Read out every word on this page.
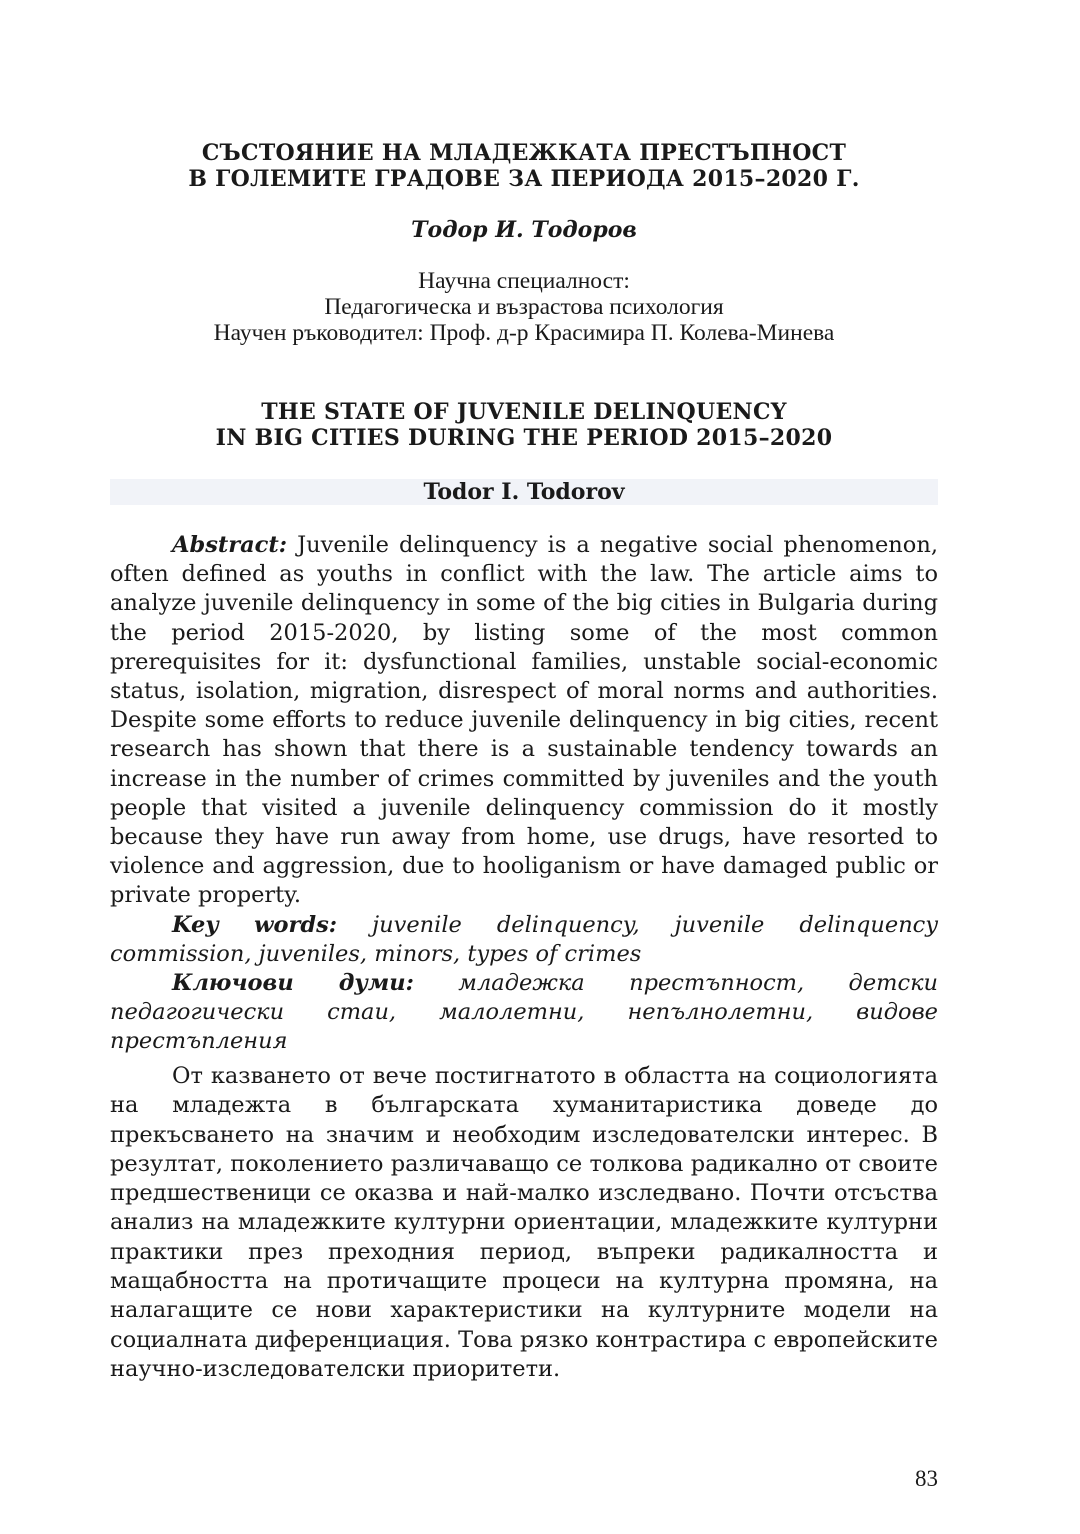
СЪСТОЯНИЕ НА МЛАДЕЖКАТА ПРЕСТЪПНОСТ
В ГОЛЕМИТЕ ГРАДОВЕ ЗА ПЕРИОДА 2015–2020 Г.
Тодор И. Тодоров
Научна специалност:
Педагогическа и възрастова психология
Научен ръководител: Проф. д-р Красимира П. Колева-Минева
THE STATE OF JUVENILE DELINQUENCY
IN BIG CITIES DURING THE PERIOD 2015–2020
Todor I. Todorov

Abstract: Juvenile delinquency is a negative social phenomenon, often defined as youths in conflict with the law. The article aims to analyze juvenile delinquency in some of the big cities in Bulgaria during the period 2015-2020, by listing some of the most common prerequisites for it: dysfunctional families, unstable social-economic status, isolation, migration, disrespect of moral norms and authorities. Despite some efforts to reduce juvenile delinquency in big cities, recent research has shown that there is a sustainable tendency towards an increase in the number of crimes committed by juveniles and the youth people that visited a juvenile delinquency commission do it mostly because they have run away from home, use drugs, have resorted to violence and aggression, due to hooliganism or have damaged public or private property.

Key words: juvenile delinquency, juvenile delinquency commission, juveniles, minors, types of crimes

Ключови думи: младежка престъпност, детски педагогически стаи, малолетни, непълнолетни, видове престъпления

От казването от вече постигнатото в областта на социологията на младежта в българската хуманитаристика доведе до прекъсването на значим и необходим изследователски интерес. В резултат, поколението различаващо се толкова радикално от своите предшественици се оказва и най-малко изследвано. Почти отсъства анализ на младежките културни ориентации, младежките културни практики през преходния период, въпреки радикалността и мащабността на протичащите процеси на културна промяна, на налагащите се нови характеристики на културните модели на социалната диференциация. Това рязко контрастира с европейските научно-изследователски приоритети.

83
